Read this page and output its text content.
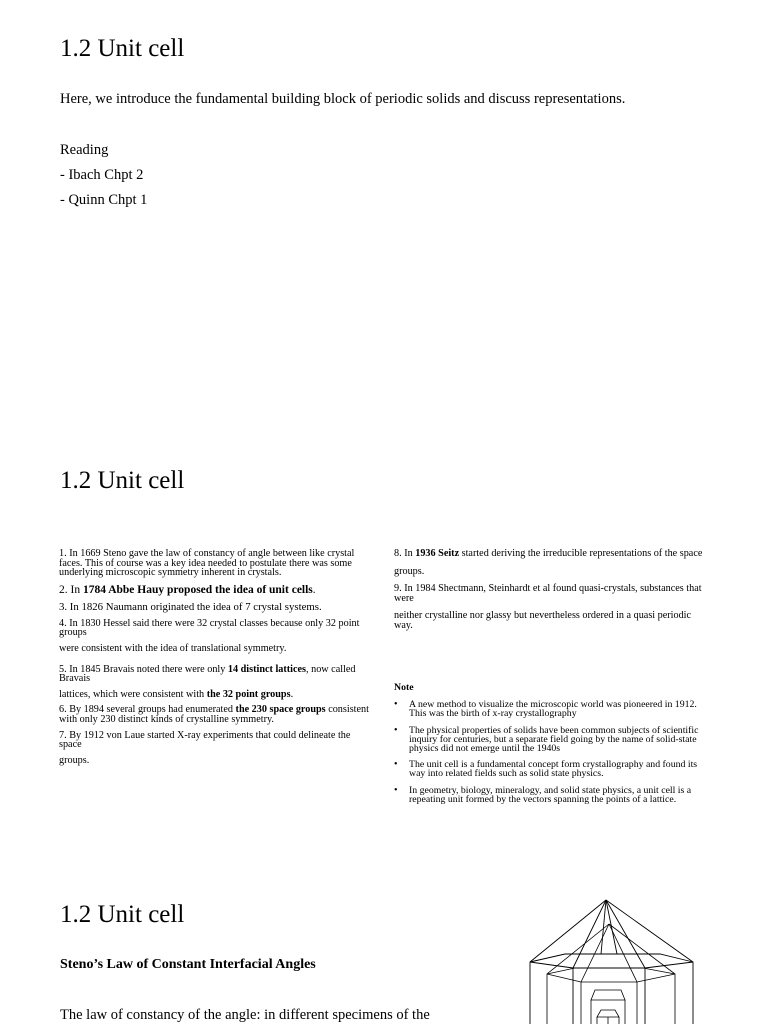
1.2 Unit cell
Here, we introduce the fundamental building block of periodic solids and discuss representations.
Reading
- Ibach Chpt 2
- Quinn Chpt 1
1.2 Unit cell

1. In 1669 Steno gave the law of constancy of angle between like crystal faces. This of course was a key idea needed to postulate there was some underlying microscopic symmetry inherent in crystals.

2. In 1784 Abbe Hauy proposed the idea of unit cells.

3. In 1826 Naumann originated the idea of 7 crystal systems.

4. In 1830 Hessel said there were 32 crystal classes because only 32 point groups

were consistent with the idea of translational symmetry.

5. In 1845 Bravais noted there were only 14 distinct lattices, now called Bravais

lattices, which were consistent with the 32 point groups.

6. By 1894 several groups had enumerated the 230 space groups consistent with only 230 distinct kinds of crystalline symmetry.

7. By 1912 von Laue started X-ray experiments that could delineate the space

groups.

8. In 1936 Seitz started deriving the irreducible representations of the space

groups.

9. In 1984 Shectmann, Steinhardt et al found quasi-crystals, substances that were

neither crystalline nor glassy but nevertheless ordered in a quasi periodic way.

Note
• A new method to visualize the microscopic world was pioneered in 1912. This was the birth of x-ray crystallography
• The physical properties of solids have been common subjects of scientific inquiry for centuries, but a separate field going by the name of solid-state physics did not emerge until the 1940s
• The unit cell is a fundamental concept form crystallography and found its way into related fields such as solid state physics.
• In geometry, biology, mineralogy, and solid state physics, a unit cell is a repeating unit formed by the vectors spanning the points of a lattice.
1.2 Unit cell
Steno’s Law of Constant Interfacial Angles
The law of constancy of the angle: in different specimens of the
